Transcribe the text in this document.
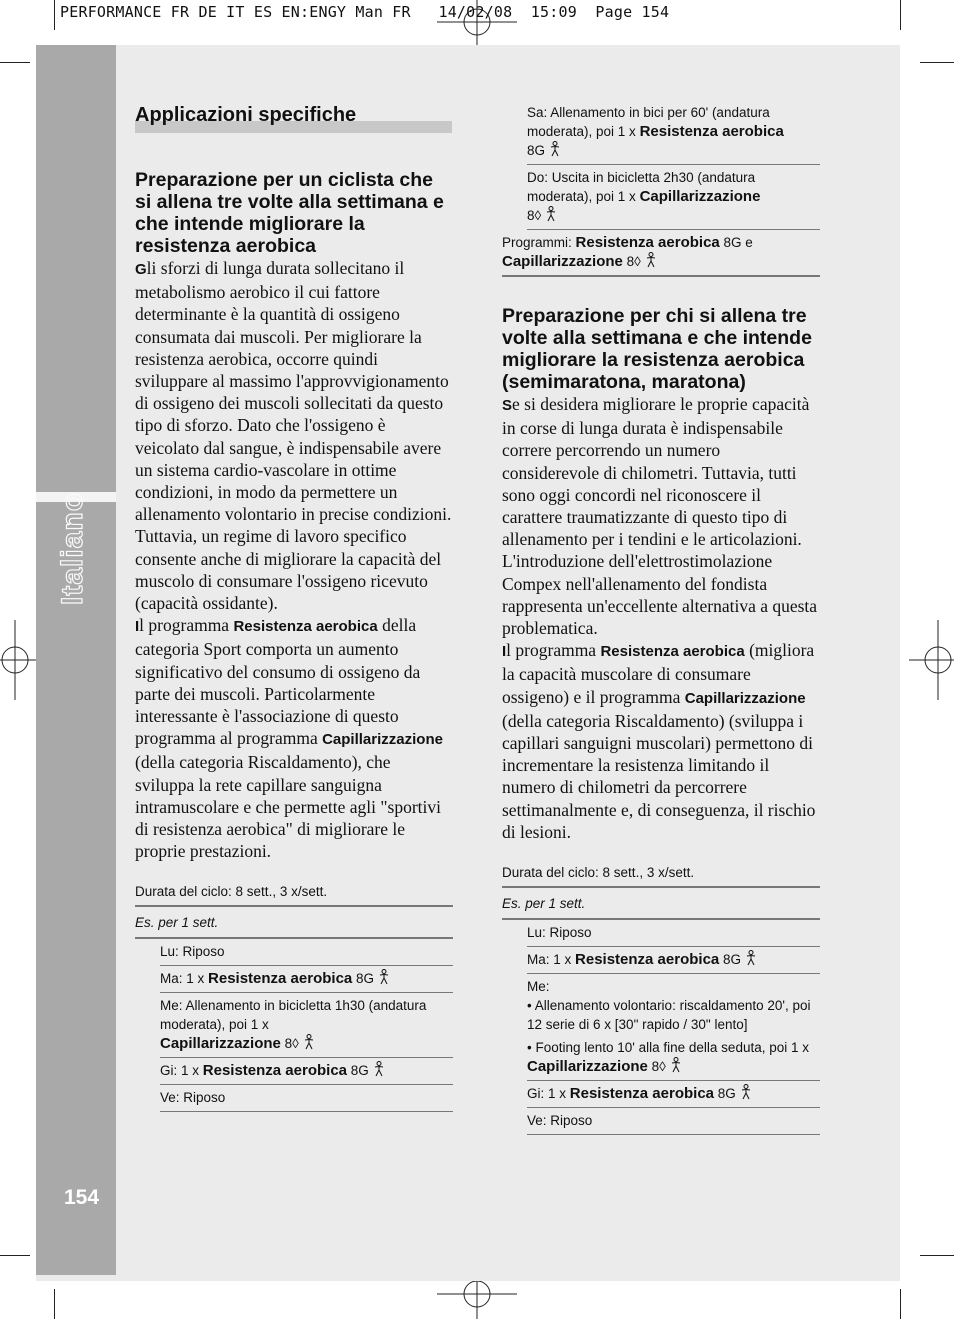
PERFORMANCE FR DE IT ES EN:ENGY Man FR   14/02/08  15:09  Page 154
Italiano
154
Applicazioni specifiche
Preparazione per un ciclista che si allena tre volte alla settimana e che intende migliorare la resistenza aerobica

Gli sforzi di lunga durata sollecitano il metabolismo aerobico il cui fattore determinante è la quantità di ossigeno consumata dai muscoli. Per migliorare la resistenza aerobica, occorre quindi sviluppare al massimo l'approvvigionamento di ossigeno dei muscoli sollecitati da questo tipo di sforzo. Dato che l'ossigeno è veicolato dal sangue, è indispensabile avere un sistema cardio-vascolare in ottime condizioni, in modo da permettere un allenamento volontario in precise condizioni. Tuttavia, un regime di lavoro specifico consente anche di migliorare la capacità del muscolo di consumare l'ossigeno ricevuto (capacità ossidante).

Il programma Resistenza aerobica della categoria Sport comporta un aumento significativo del consumo di ossigeno da parte dei muscoli. Particolarmente interessante è l'associazione di questo programma al programma Capillarizzazione (della categoria Riscaldamento), che sviluppa la rete capillare sanguigna intramuscolare e che permette agli "sportivi di resistenza aerobica" di migliorare le proprie prestazioni.

Durata del ciclo: 8 sett., 3 x/sett.
Es. per 1 sett.
Lu: Riposo
Ma: 1 x Resistenza aerobica 8G
Me: Allenamento in bicicletta 1h30 (andatura moderata), poi 1 x
Capillarizzazione 8◊
Gi: 1 x Resistenza aerobica 8G
Ve: Riposo
Sa: Allenamento in bici per 60' (andatura moderata), poi 1 x Resistenza aerobica
8G
Do: Uscita in bicicletta 2h30 (andatura moderata), poi 1 x Capillarizzazione
8◊
Programmi: Resistenza aerobica 8G e
Capillarizzazione 8◊
Preparazione per chi si allena tre volte alla settimana e che intende migliorare la resistenza aerobica (semimaratona, maratona)

Se si desidera migliorare le proprie capacità in corse di lunga durata è indispensabile correre percorrendo un numero considerevole di chilometri. Tuttavia, tutti sono oggi concordi nel riconoscere il carattere traumatizzante di questo tipo di allenamento per i tendini e le articolazioni. L'introduzione dell'elettrostimolazione Compex nell'allenamento del fondista rappresenta un'eccellente alternativa a questa problematica.

Il programma Resistenza aerobica (migliora la capacità muscolare di consumare ossigeno) e il programma Capillarizzazione (della categoria Riscaldamento) (sviluppa i capillari sanguigni muscolari) permettono di incrementare la resistenza limitando il numero di chilometri da percorrere settimanalmente e, di conseguenza, il rischio di lesioni.

Durata del ciclo: 8 sett., 3 x/sett.
Es. per 1 sett.
Lu: Riposo
Ma: 1 x Resistenza aerobica 8G
Me:
• Allenamento volontario: riscaldamento 20', poi 12 serie di 6 x [30" rapido / 30" lento]
• Footing lento 10' alla fine della seduta, poi 1 x Capillarizzazione 8◊
Gi: 1 x Resistenza aerobica 8G
Ve: Riposo
